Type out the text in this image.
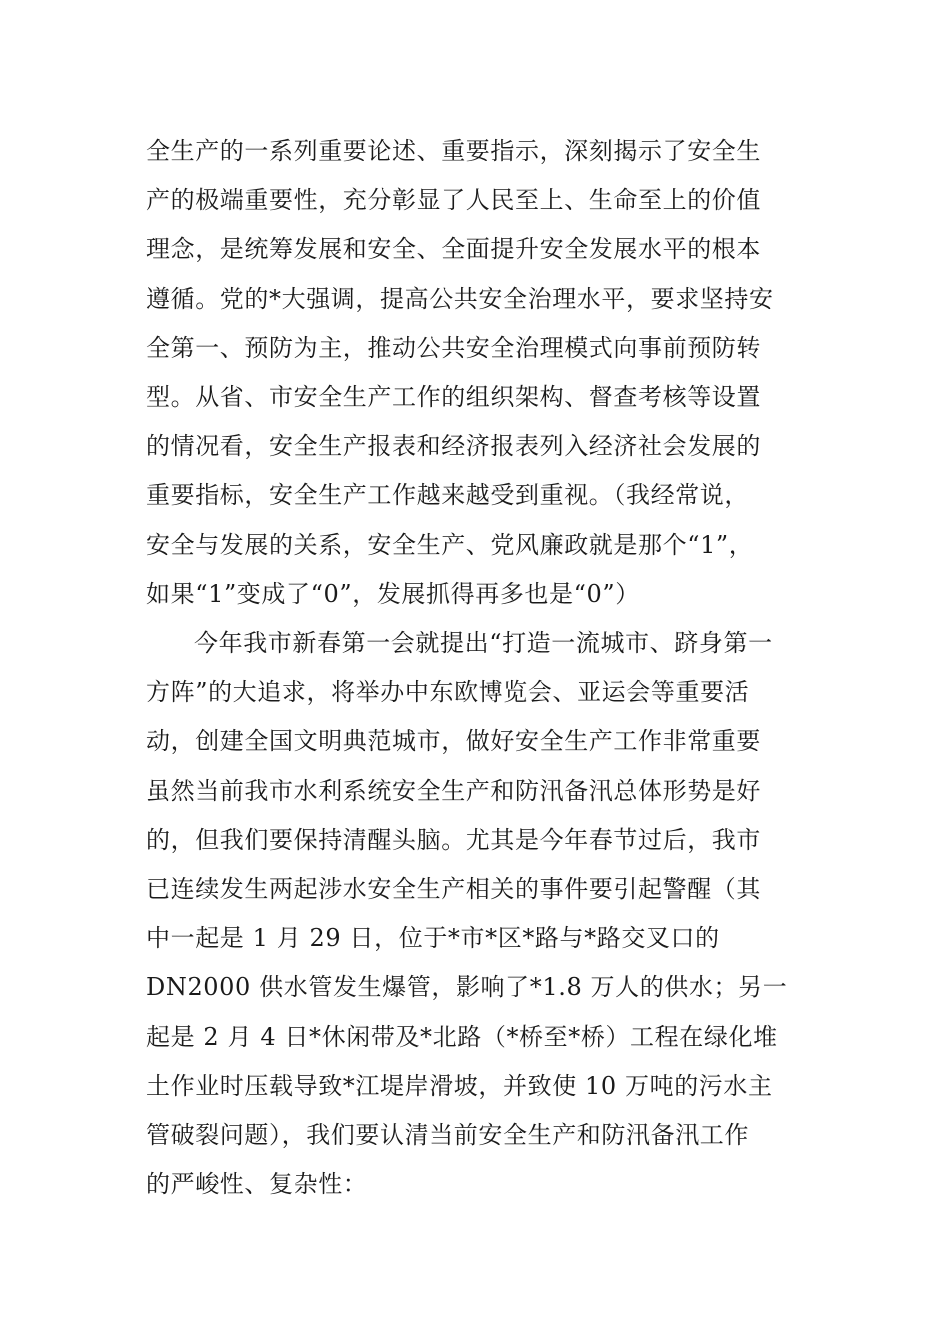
全生产的一系列重要论述、重要指示，深刻揭示了安全生
产的极端重要性，充分彰显了人民至上、生命至上的价值
理念，是统筹发展和安全、全面提升安全发展水平的根本
遵循。党的*大强调，提高公共安全治理水平，要求坚持安
全第一、预防为主，推动公共安全治理模式向事前预防转
型。从省、市安全生产工作的组织架构、督查考核等设置
的情况看，安全生产报表和经济报表列入经济社会发展的
重要指标，安全生产工作越来越受到重视。（我经常说，
安全与发展的关系，安全生产、党风廉政就是那个“1”，
如果“1”变成了“0”，发展抓得再多也是“0”）
今年我市新春第一会就提出“打造一流城市、跻身第一
方阵”的大追求，将举办中东欧博览会、亚运会等重要活
动，创建全国文明典范城市，做好安全生产工作非常重要
虽然当前我市水利系统安全生产和防汛备汛总体形势是好
的，但我们要保持清醒头脑。尤其是今年春节过后，我市
已连续发生两起涉水安全生产相关的事件要引起警醒（其
中一起是 1 月 29 日，位于*市*区*路与*路交叉口的
DN2000 供水管发生爆管，影响了*1.8 万人的供水；另一
起是 2 月 4 日*休闲带及*北路（*桥至*桥）工程在绿化堆
土作业时压载导致*江堤岸滑坡，并致使 10 万吨的污水主
管破裂问题），我们要认清当前安全生产和防汛备汛工作
的严峻性、复杂性：
